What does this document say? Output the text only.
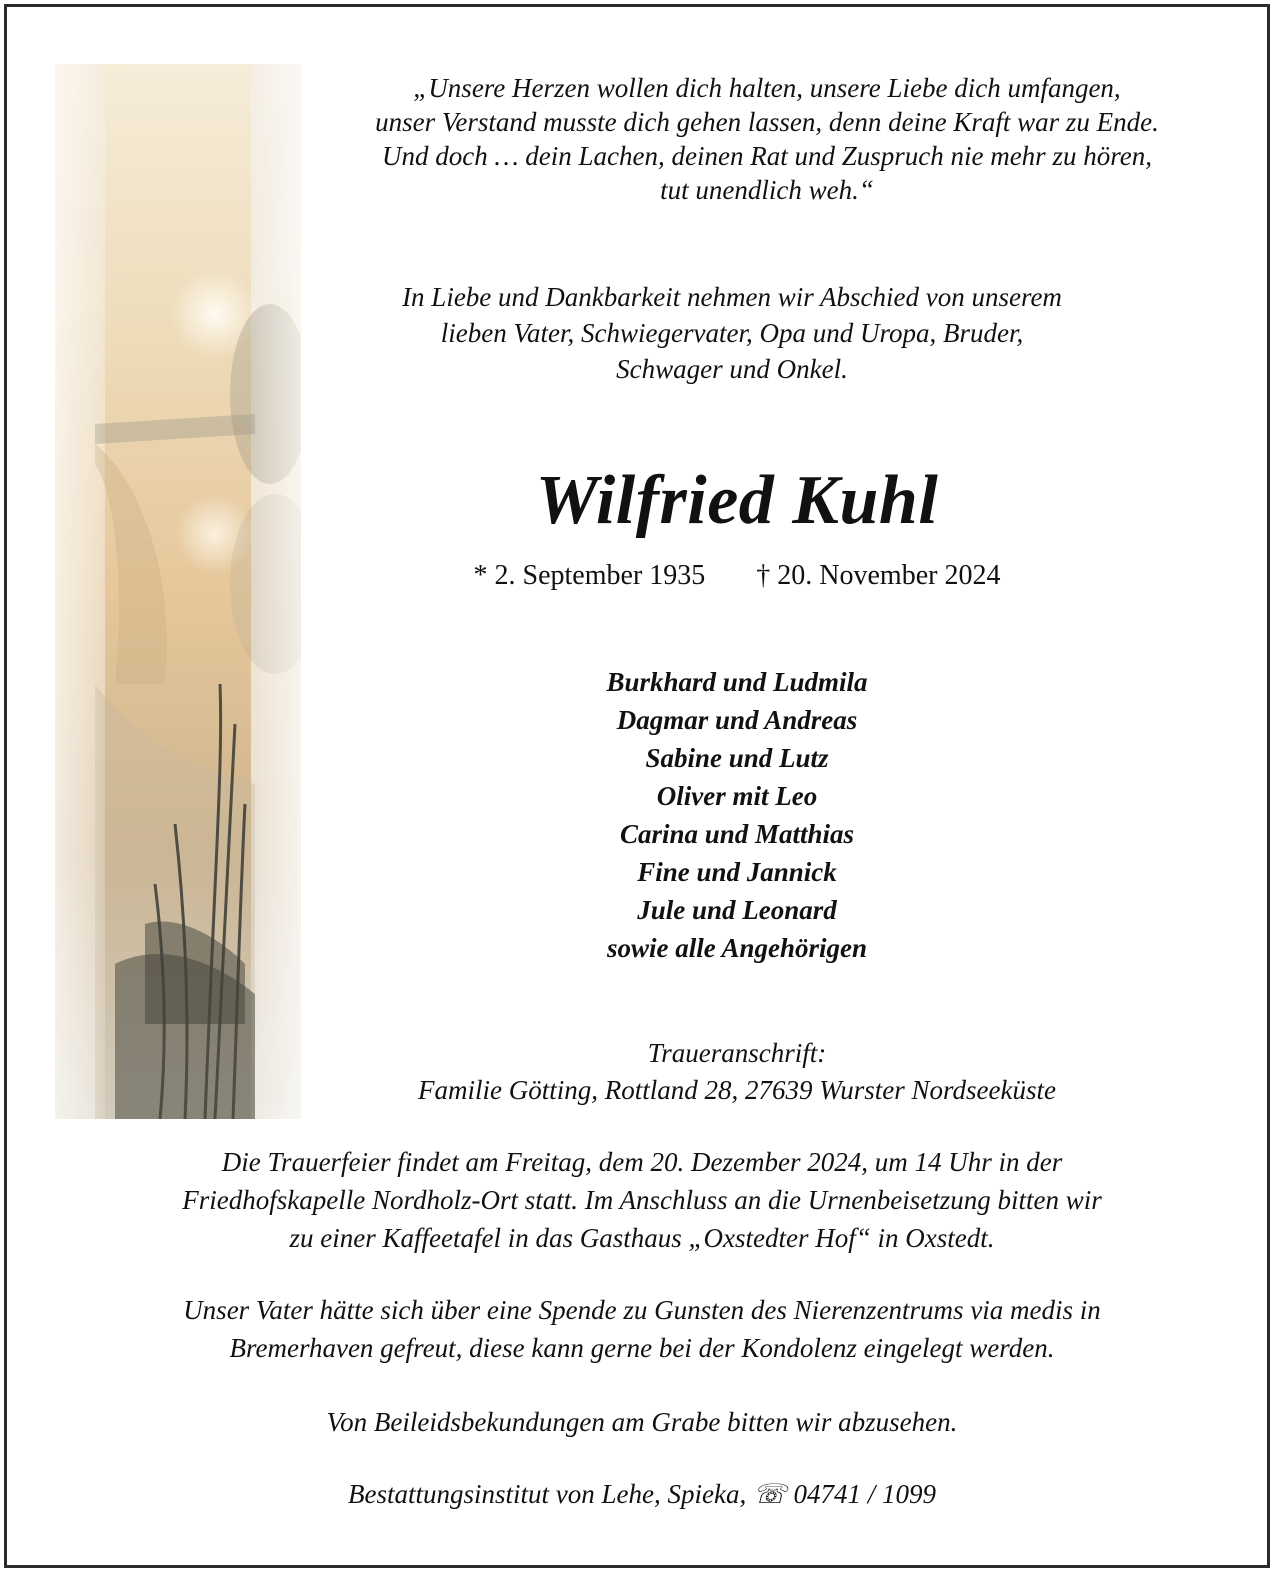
„Unsere Herzen wollen dich halten, unsere Liebe dich umfangen,
unser Verstand musste dich gehen lassen, denn deine Kraft war zu Ende.
Und doch … dein Lachen, deinen Rat und Zuspruch nie mehr zu hören,
tut unendlich weh.“
In Liebe und Dankbarkeit nehmen wir Abschied von unserem
lieben Vater, Schwiegervater, Opa und Uropa, Bruder,
Schwager und Onkel.
Wilfried Kuhl
* 2. September 1935 † 20. November 2024
Burkhard und Ludmila
Dagmar und Andreas
Sabine und Lutz
Oliver mit Leo
Carina und Matthias
Fine und Jannick
Jule und Leonard
sowie alle Angehörigen
Traueranschrift:
Familie Götting, Rottland 28, 27639 Wurster Nordseeküste
Die Trauerfeier findet am Freitag, dem 20. Dezember 2024, um 14 Uhr in der
Friedhofskapelle Nordholz-Ort statt. Im Anschluss an die Urnenbeisetzung bitten wir
zu einer Kaffeetafel in das Gasthaus „Oxstedter Hof“ in Oxstedt.
Unser Vater hätte sich über eine Spende zu Gunsten des Nierenzentrums via medis in
Bremerhaven gefreut, diese kann gerne bei der Kondolenz eingelegt werden.
Von Beileidsbekundungen am Grabe bitten wir abzusehen.
Bestattungsinstitut von Lehe, Spieka, ☏ 04741 / 1099
